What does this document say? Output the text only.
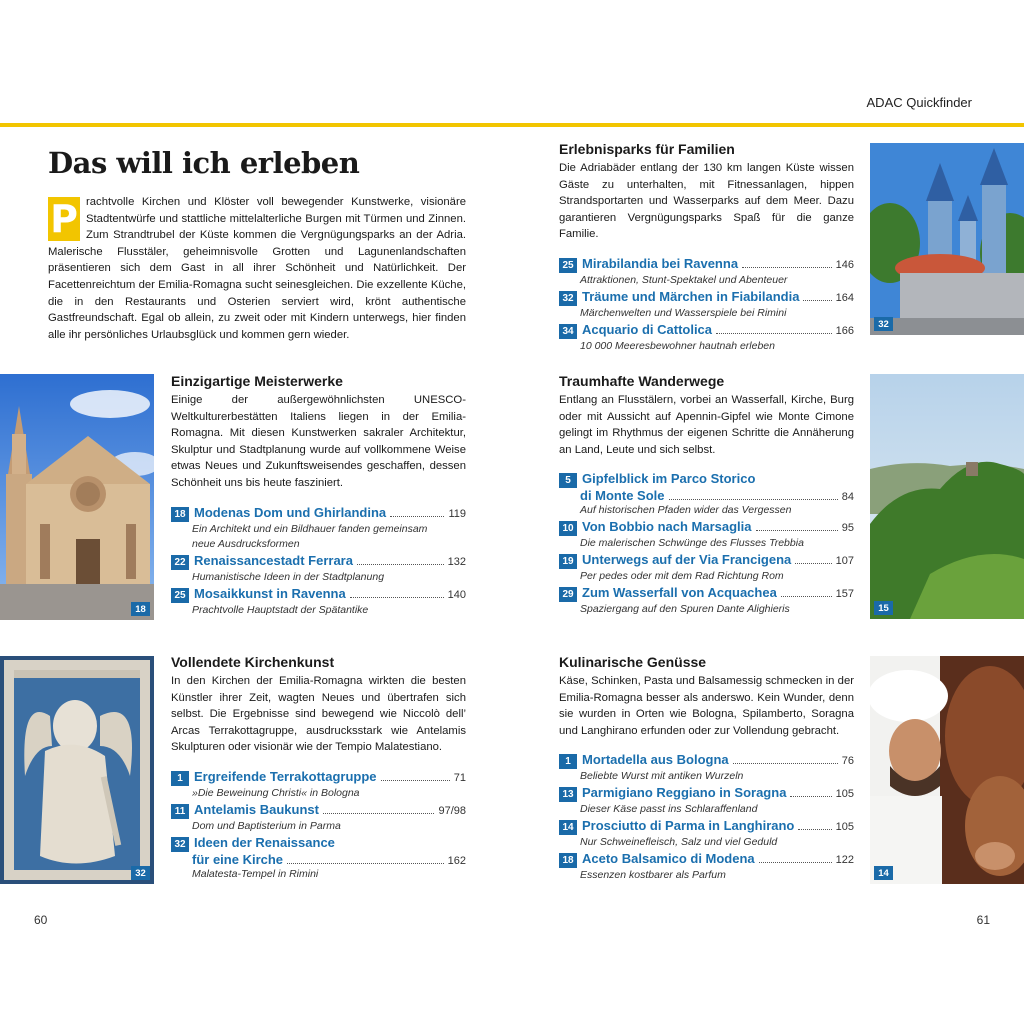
ADAC Quickfinder
Das will ich erleben
P rachtvolle Kirchen und Klöster voll bewegender Kunstwerke, visionäre Stadtentwürfe und stattliche mittelalterliche Burgen mit Türmen und Zinnen. Zum Strandtrubel der Küste kommen die Vergnügungsparks an der Adria. Malerische Flusstäler, geheimnisvolle Grotten und Lagunenlandschaften präsentieren sich dem Gast in all ihrer Schönheit und Natürlichkeit. Der Facettenreichtum der Emilia-Romagna sucht seinesgleichen. Die exzellente Küche, die in den Restaurants und Osterien serviert wird, krönt authentische Gastfreundschaft. Egal ob allein, zu zweit oder mit Kindern unterwegs, hier finden alle ihr persönliches Urlaubsglück und kommen gern wieder.
18
Einzigartige Meisterwerke

Einige der außergewöhnlichsten UNESCO-Weltkulturerbestätten Italiens liegen in der Emilia-Romagna. Mit diesen Kunstwerken sakraler Architektur, Skulptur und Stadtplanung wurde auf vollkommene Weise etwas Neues und Zukunftsweisendes geschaffen, dessen Schönheit uns bis heute fasziniert.

18 Modenas Dom und Ghirlandina	119
Ein Architekt und ein Bildhauer fanden gemeinsam
neue Ausdrucksformen
22 Renaissancestadt Ferrara	132
Humanistische Ideen in der Stadtplanung
25 Mosaikkunst in Ravenna	140
Prachtvolle Hauptstadt der Spätantike
32
Vollendete Kirchenkunst

In den Kirchen der Emilia-Romagna wirkten die besten Künstler ihrer Zeit, wagten Neues und übertrafen sich selbst. Die Ergebnisse sind bewegend wie Niccolò dell’ Arcas Terrakottagruppe, ausdrucksstark wie Antelamis Skulpturen oder visionär wie der Tempio Malatestiano.

1 Ergreifende Terrakottagruppe	71
»Die Beweinung Christi« in Bologna
11 Antelamis Baukunst	97/98
Dom und Baptisterium in Parma
32 Ideen der Renaissance
für eine Kirche	162
Malatesta-Tempel in Rimini
Erlebnisparks für Familien

Die Adriabäder entlang der 130 km langen Küste wissen Gäste zu unterhalten, mit Fitnessanlagen, hippen Strandsportarten und Wasserparks auf dem Meer. Dazu garantieren Vergnügungsparks Spaß für die ganze Familie.

25 Mirabilandia bei Ravenna	146
Attraktionen, Stunt-Spektakel und Abenteuer
32 Träume und Märchen in Fiabilandia	164
Märchenwelten und Wasserspiele bei Rimini
34 Acquario di Cattolica	166
10 000 Meeresbewohner hautnah erleben
32
Traumhafte Wanderwege

Entlang an Flusstälern, vorbei an Wasserfall, Kirche, Burg oder mit Aussicht auf Apennin-Gipfel wie Monte Cimone gelingt im Rhythmus der eigenen Schritte die Annäherung an Land, Leute und sich selbst.

5 Gipfelblick im Parco Storico
di Monte Sole	84
Auf historischen Pfaden wider das Vergessen
10 Von Bobbio nach Marsaglia	95
Die malerischen Schwünge des Flusses Trebbia
19 Unterwegs auf der Via Francigena	107
Per pedes oder mit dem Rad Richtung Rom
29 Zum Wasserfall von Acquachea	157
Spaziergang auf den Spuren Dante Alighieris	15
Kulinarische Genüsse

Käse, Schinken, Pasta und Balsamessig schmecken in der Emilia-Romagna besser als anderswo. Kein Wunder, denn sie wurden in Orten wie Bologna, Spilamberto, Soragna und Langhirano erfunden oder zur Vollendung gebracht.

1 Mortadella aus Bologna	76
Beliebte Wurst mit antiken Wurzeln
13 Parmigiano Reggiano in Soragna	105
Dieser Käse passt ins Schlaraffenland
14 Prosciutto di Parma in Langhirano	105
Nur Schweinefleisch, Salz und viel Geduld
18 Aceto Balsamico di Modena	122
Essenzen kostbarer als Parfum	14
60	61
